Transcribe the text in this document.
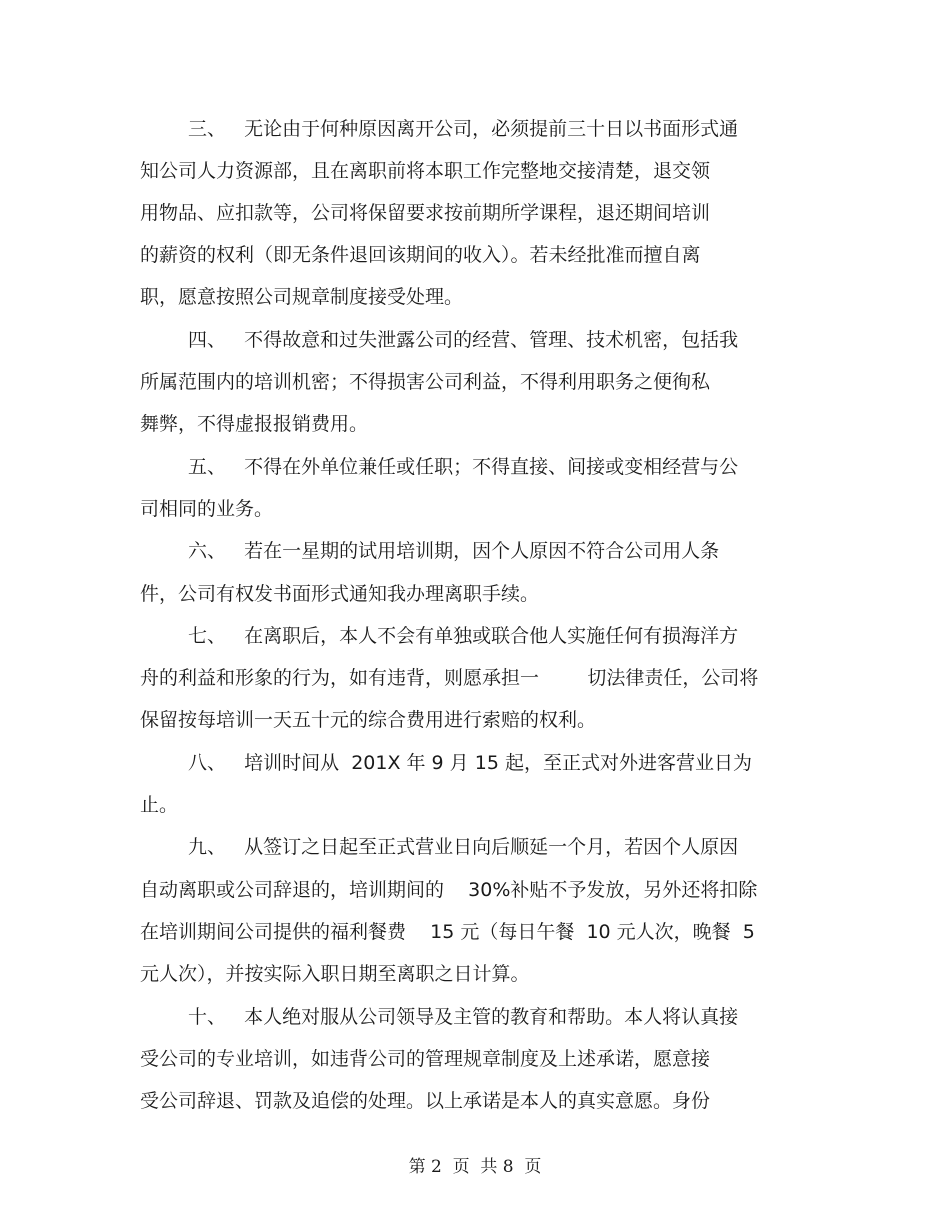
三、   无论由于何种原因离开公司，必须提前三十日以书面形式通
知公司人力资源部，且在离职前将本职工作完整地交接清楚，退交领
用物品、应扣款等，公司将保留要求按前期所学课程，退还期间培训
的薪资的权利（即无条件退回该期间的收入）。若未经批准而擅自离
职，愿意按照公司规章制度接受处理。
四、   不得故意和过失泄露公司的经营、管理、技术机密，包括我
所属范围内的培训机密；不得损害公司利益，不得利用职务之便徇私
舞弊，不得虚报报销费用。
五、   不得在外单位兼任或任职；不得直接、间接或变相经营与公
司相同的业务。
六、   若在一星期的试用培训期，因个人原因不符合公司用人条
件，公司有权发书面形式通知我办理离职手续。
七、   在离职后，本人不会有单独或联合他人实施任何有损海洋方
舟的利益和形象的行为，如有违背，则愿承担一        切法律责任，公司将
保留按每培训一天五十元的综合费用进行索赔的权利。
八、   培训时间从  201X 年 9 月 15 起，至正式对外进客营业日为
止。
九、   从签订之日起至正式营业日向后顺延一个月，若因个人原因
自动离职或公司辞退的，培训期间的    30%补贴不予发放，另外还将扣除
在培训期间公司提供的福利餐费    15 元（每日午餐  10 元人次，晚餐  5
元人次），并按实际入职日期至离职之日计算。
十、   本人绝对服从公司领导及主管的教育和帮助。本人将认真接
受公司的专业培训，如违背公司的管理规章制度及上述承诺，愿意接
受公司辞退、罚款及追偿的处理。以上承诺是本人的真实意愿。身份
第 2  页  共 8  页
